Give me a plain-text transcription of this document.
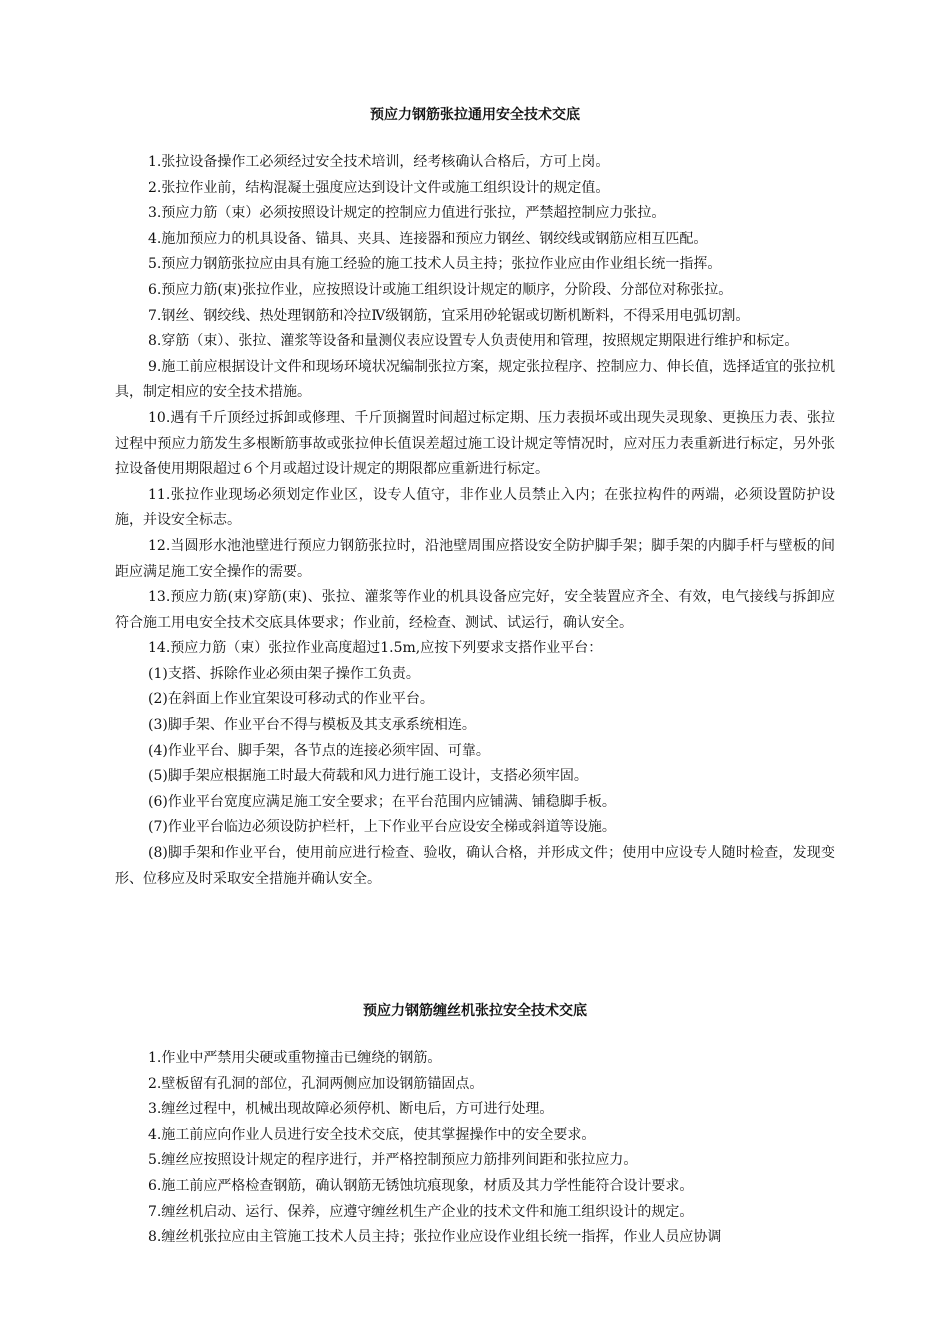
预应力钢筋张拉通用安全技术交底

1.张拉设备操作工必须经过安全技术培训，经考核确认合格后，方可上岗。

2.张拉作业前，结构混凝土强度应达到设计文件或施工组织设计的规定值。

3.预应力筋（束）必须按照设计规定的控制应力值进行张拉，严禁超控制应力张拉。

4.施加预应力的机具设备、锚具、夹具、连接器和预应力钢丝、钢绞线或钢筋应相互匹配。

5.预应力钢筋张拉应由具有施工经验的施工技术人员主持；张拉作业应由作业组长统一指挥。

6.预应力筋(束)张拉作业，应按照设计或施工组织设计规定的顺序，分阶段、分部位对称张拉。

7.钢丝、钢绞线、热处理钢筋和冷拉Ⅳ级钢筋，宜采用砂轮锯或切断机断料，不得采用电弧切割。

8.穿筋（束）、张拉、灌浆等设备和量测仪表应设置专人负责使用和管理，按照规定期限进行维护和标定。

9.施工前应根据设计文件和现场环境状况编制张拉方案，规定张拉程序、控制应力、伸长值，选择适宜的张拉机具，制定相应的安全技术措施。

10.遇有千斤顶经过拆卸或修理、千斤顶搁置时间超过标定期、压力表损坏或出现失灵现象、更换压力表、张拉过程中预应力筋发生多根断筋事故或张拉伸长值误差超过施工设计规定等情况时，应对压力表重新进行标定，另外张拉设备使用期限超过６个月或超过设计规定的期限都应重新进行标定。

11.张拉作业现场必须划定作业区，设专人值守，非作业人员禁止入内；在张拉构件的两端，必须设置防护设施，并设安全标志。

12.当圆形水池池壁进行预应力钢筋张拉时，沿池壁周围应搭设安全防护脚手架；脚手架的内脚手杆与壁板的间距应满足施工安全操作的需要。

13.预应力筋(束)穿筋(束)、张拉、灌浆等作业的机具设备应完好，安全装置应齐全、有效，电气接线与拆卸应符合施工用电安全技术交底具体要求；作业前，经检查、测试、试运行，确认安全。

14.预应力筋（束）张拉作业高度超过1.5m,应按下列要求支搭作业平台：

(1)支搭、拆除作业必须由架子操作工负责。

(2)在斜面上作业宜架设可移动式的作业平台。

(3)脚手架、作业平台不得与模板及其支承系统相连。

(4)作业平台、脚手架，各节点的连接必须牢固、可靠。

(5)脚手架应根据施工时最大荷载和风力进行施工设计，支搭必须牢固。

(6)作业平台宽度应满足施工安全要求；在平台范围内应铺满、铺稳脚手板。

(7)作业平台临边必须设防护栏杆，上下作业平台应设安全梯或斜道等设施。

(8)脚手架和作业平台，使用前应进行检查、验收，确认合格，并形成文件；使用中应设专人随时检查，发现变形、位移应及时采取安全措施并确认安全。

预应力钢筋缠丝机张拉安全技术交底

1.作业中严禁用尖硬或重物撞击已缠绕的钢筋。

2.壁板留有孔洞的部位，孔洞两侧应加设钢筋锚固点。

3.缠丝过程中，机械出现故障必须停机、断电后，方可进行处理。

4.施工前应向作业人员进行安全技术交底，使其掌握操作中的安全要求。

5.缠丝应按照设计规定的程序进行，并严格控制预应力筋排列间距和张拉应力。

6.施工前应严格检查钢筋，确认钢筋无锈蚀坑痕现象，材质及其力学性能符合设计要求。

7.缠丝机启动、运行、保养，应遵守缠丝机生产企业的技术文件和施工组织设计的规定。

8.缠丝机张拉应由主管施工技术人员主持；张拉作业应设作业组长统一指挥，作业人员应协调
